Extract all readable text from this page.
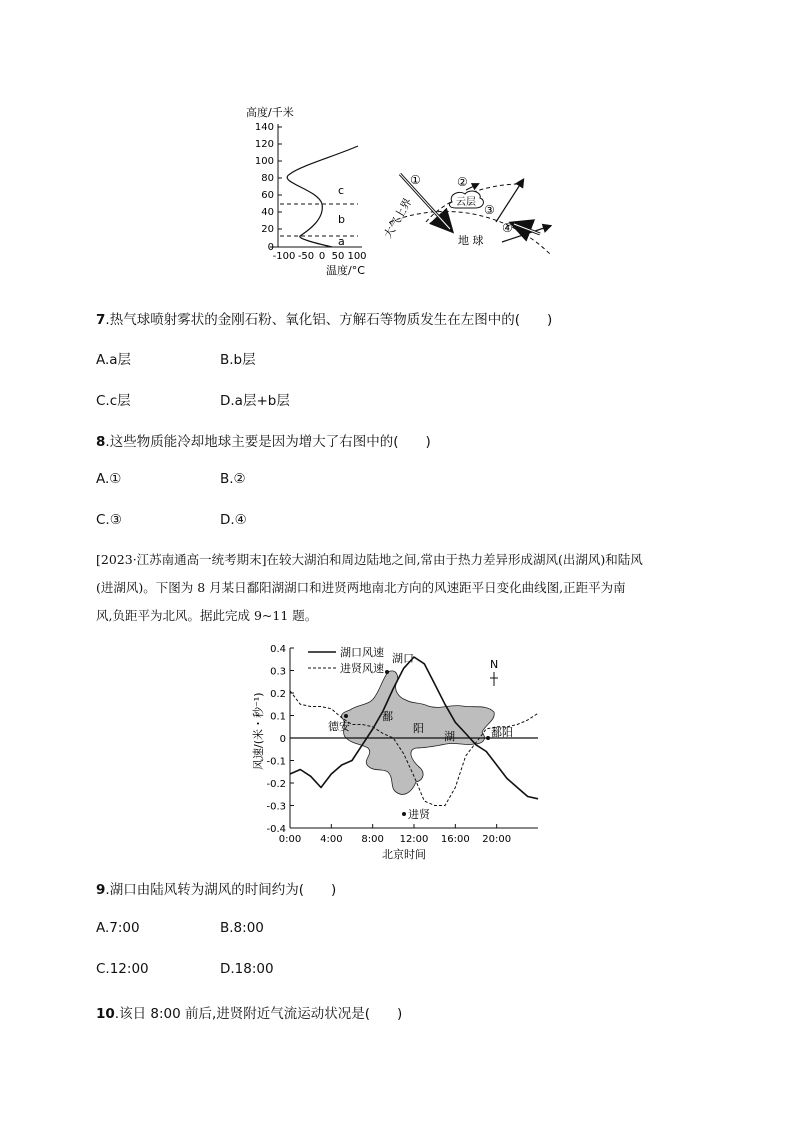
高度/千米
140
120
100
80
60
40
20
0
-100 -50 0 50 100
温度/°C
c
b
a
大气上界
①	②
云层
③
④
地 球
7.热气球喷射雾状的金刚石粉、氧化铝、方解石等物质发生在左图中的(　　)
A.a层	B.b层
C.c层	D.a层+b层
8.这些物质能冷却地球主要是因为增大了右图中的(　　)
A.①	B.②
C.③	D.④
[2023·江苏南通高一统考期末]在较大湖泊和周边陆地之间,常由于热力差异形成湖风(出湖风)和陆风
(进湖风)。下图为 8 月某日鄱阳湖湖口和进贤两地南北方向的风速距平日变化曲线图,正距平为南
风,负距平为北风。据此完成 9~11 题。
湖口风速
进贤风速
湖口
德安
鄱
阳
湖	鄱阳
进贤
N
0.4
0.3
0.2
0.1
0
-0.1
-0.2
-0.3
-0.4
0:00 4:00 8:00 12:00 16:00 20:00
风速/(米・秒⁻¹)
北京时间
9.湖口由陆风转为湖风的时间约为(　　)
A.7:00	B.8:00
C.12:00	D.18:00
10.该日 8:00 前后,进贤附近气流运动状况是(　　)
